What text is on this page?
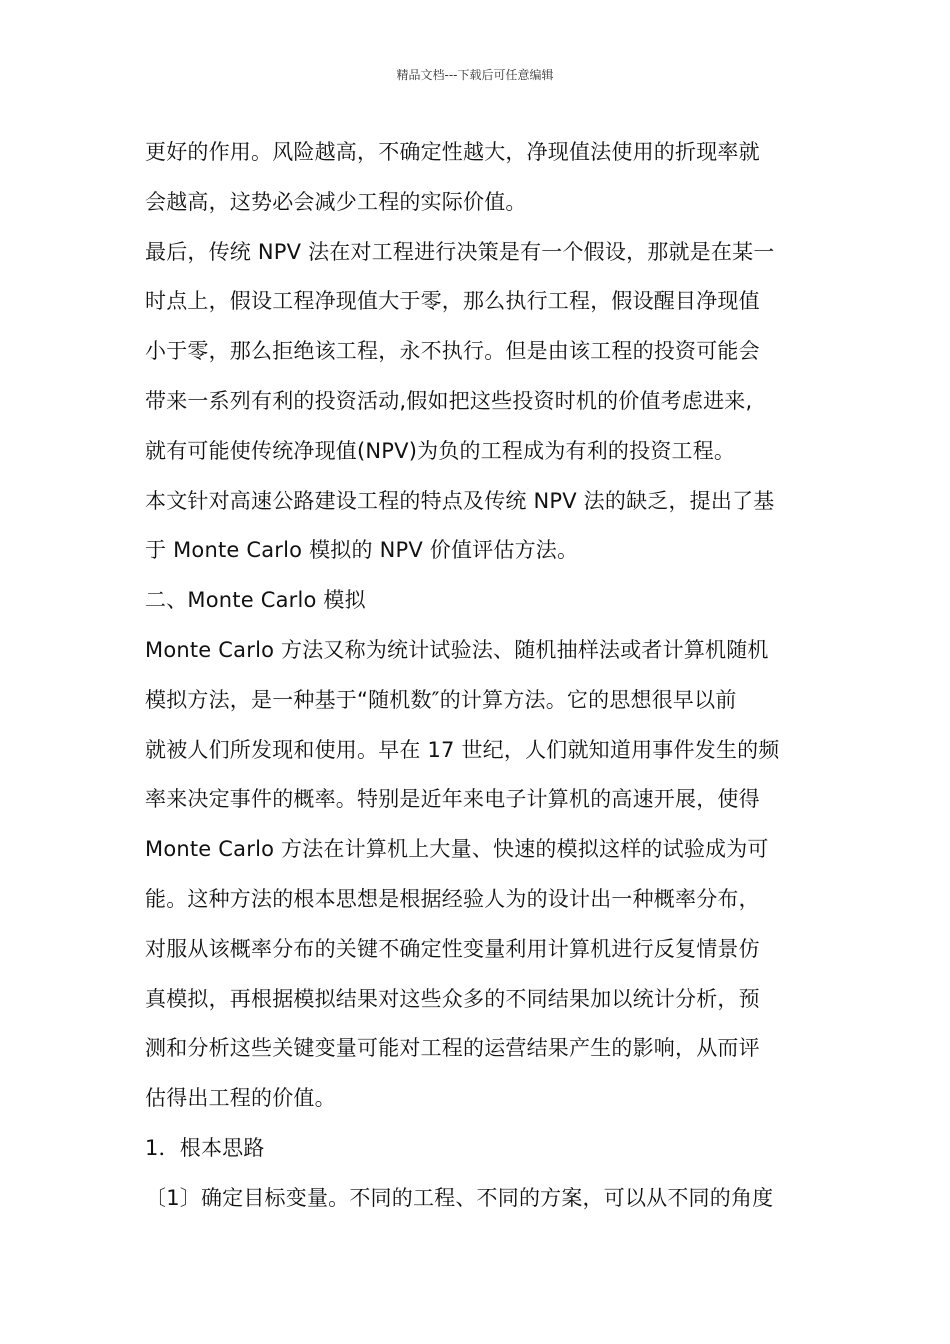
精品文档---下载后可任意编辑
更好的作用。风险越高，不确定性越大，净现值法使用的折现率就
会越高，这势必会减少工程的实际价值。
最后，传统 NPV 法在对工程进行决策是有一个假设，那就是在某一
时点上，假设工程净现值大于零，那么执行工程，假设醒目净现值
小于零，那么拒绝该工程，永不执行。但是由该工程的投资可能会
带来一系列有利的投资活动,假如把这些投资时机的价值考虑进来,
就有可能使传统净现值(NPV)为负的工程成为有利的投资工程。
本文针对高速公路建设工程的特点及传统 NPV 法的缺乏，提出了基
于 Monte Carlo 模拟的 NPV 价值评估方法。
二、Monte Carlo 模拟
Monte Carlo 方法又称为统计试验法、随机抽样法或者计算机随机
模拟方法，是一种基于“随机数″的计算方法。它的思想很早以前
就被人们所发现和使用。早在 17 世纪，人们就知道用事件发生的频
率来决定事件的概率。特别是近年来电子计算机的高速开展，使得
Monte Carlo 方法在计算机上大量、快速的模拟这样的试验成为可
能。这种方法的根本思想是根据经验人为的设计出一种概率分布，
对服从该概率分布的关键不确定性变量利用计算机进行反复情景仿
真模拟，再根据模拟结果对这些众多的不同结果加以统计分析，预
测和分析这些关键变量可能对工程的运营结果产生的影响，从而评
估得出工程的价值。
1．根本思路
〔1〕确定目标变量。不同的工程、不同的方案，可以从不同的角度
